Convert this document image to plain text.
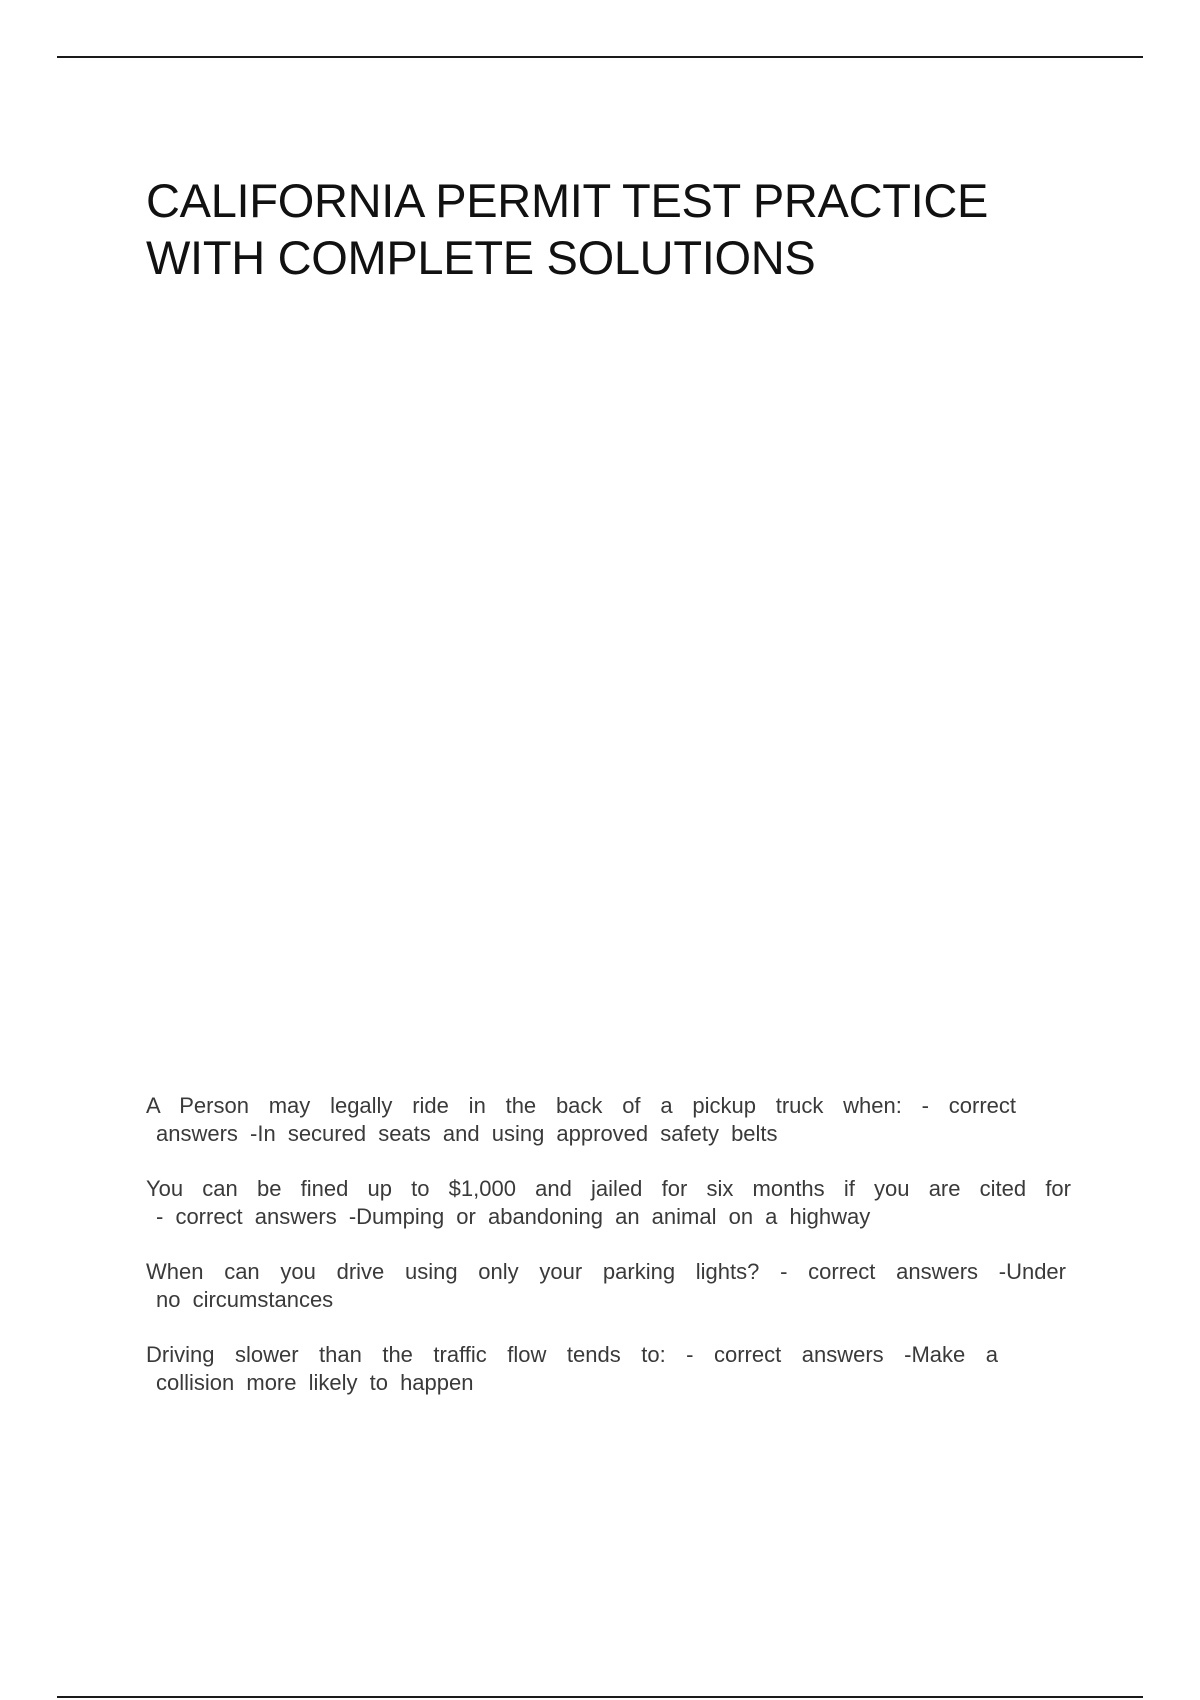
CALIFORNIA PERMIT TEST PRACTICE
WITH COMPLETE SOLUTIONS
A Person may legally ride in the back of a pickup truck when: - correct
answers -In secured seats and using approved safety belts
You can be fined up to $1,000 and jailed for six months if you are cited for
- correct answers -Dumping or abandoning an animal on a highway
When can you drive using only your parking lights? - correct answers -Under
no circumstances
Driving slower than the traffic flow tends to: - correct answers -Make a
collision more likely to happen
